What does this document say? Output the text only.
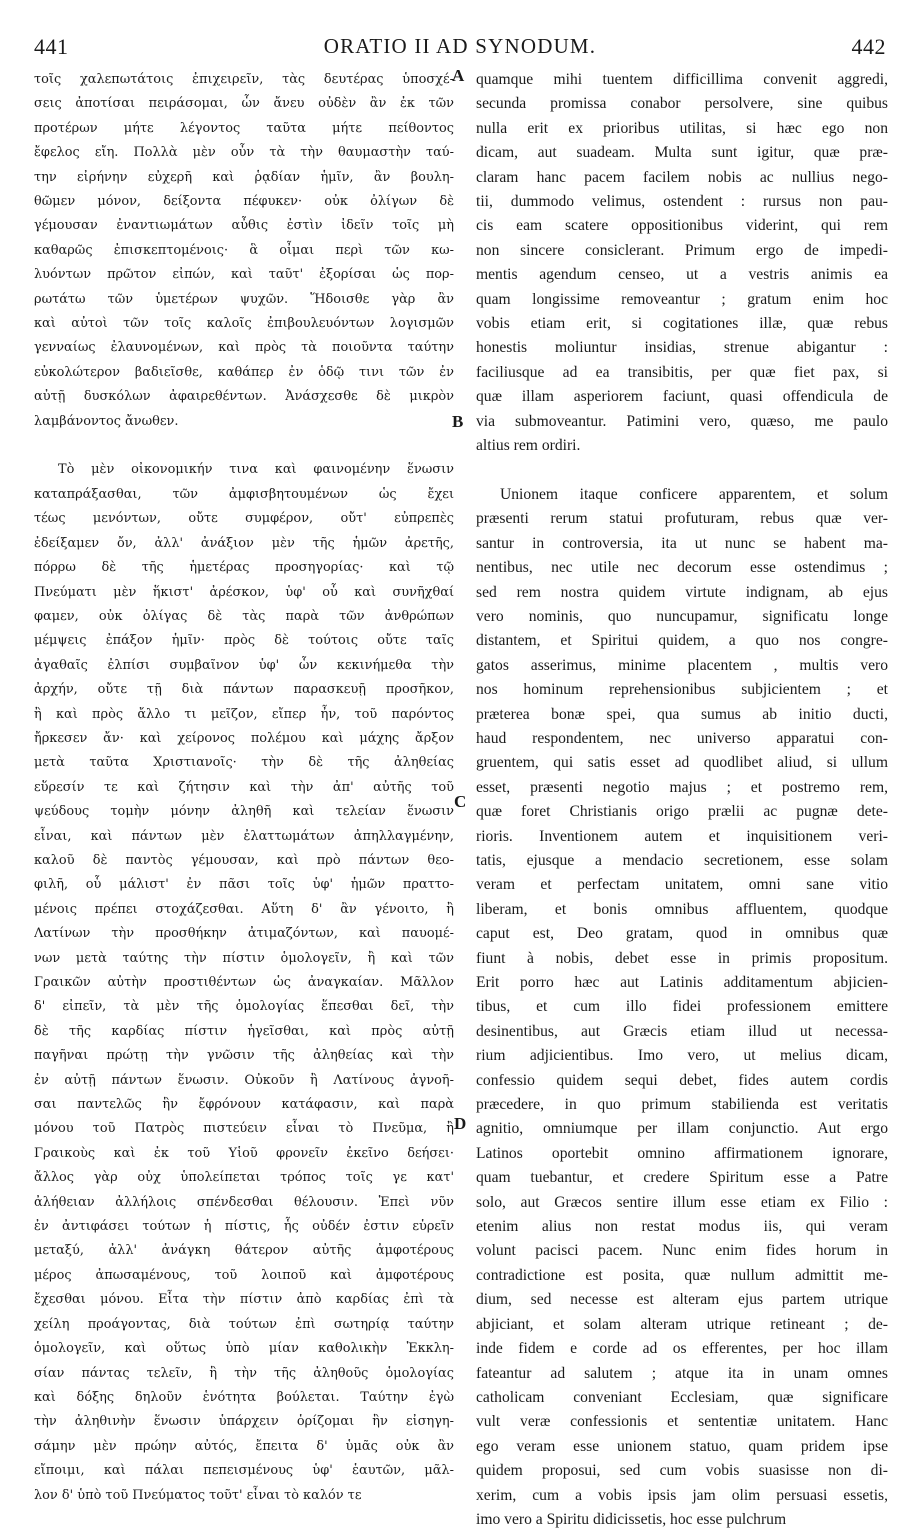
441	ORATIO II AD SYNODUM.	442
τοῖς χαλεπωτάτοις ἐπιχειρεῖν, τὰς δευτέρας ὑποσχέ-
σεις ἀποτίσαι πειράσομαι, ὧν ἄνευ οὐδὲν ἂν ἐκ τῶν
προτέρων μήτε λέγοντος ταῦτα μήτε πείθοντος
ἔφελος εἴη. Πολλὰ μὲν οὖν τὰ τὴν θαυμαστὴν ταύ-
την εἰρήνην εὐχερῆ καὶ ῥᾳδίαν ἡμῖν, ἂν βουλη-
θῶμεν μόνον, δείξοντα πέφυκεν· οὐκ ὀλίγων δὲ
γέμουσαν ἐναντιωμάτων αὖθις ἐστὶν ἰδεῖν τοῖς μὴ
καθαρῶς ἐπισκεπτομένοις· ἃ οἶμαι περὶ τῶν κω-
λυόντων πρῶτον εἰπών, καὶ ταῦτ' ἐξορίσαι ὡς πορ-
ρωτάτω τῶν ὑμετέρων ψυχῶν. Ἥδοισθε γὰρ ἂν
καὶ αὐτοὶ τῶν τοῖς καλοῖς ἐπιβουλευόντων λογισμῶν
γενναίως ἐλαυνομένων, καὶ πρὸς τὰ ποιοῦντα ταύτην
εὐκολώτερον βαδιεῖσθε, καθάπερ ἐν ὁδῷ τινι τῶν ἐν
αὐτῇ δυσκόλων ἀφαιρεθέντων. Ἀνάσχεσθε δὲ μικρὸν
λαμβάνοντος ἄνωθεν.
Τὸ μὲν οἰκονομικήν τινα καὶ φαινομένην ἕνωσιν
καταπράξασθαι, τῶν ἀμφισβητουμένων ὡς ἔχει
τέως μενόντων, οὔτε συμφέρον, οὔτ' εὐπρεπὲς
ἐδείξαμεν ὄν, ἀλλ' ἀνάξιον μὲν τῆς ἡμῶν ἀρετῆς,
πόρρω δὲ τῆς ἡμετέρας προσηγορίας· καὶ τῷ
Πνεύματι μὲν ἥκιστ' ἀρέσκον, ὑφ' οὗ καὶ συνῆχθαί
φαμεν, οὐκ ὀλίγας δὲ τὰς παρὰ τῶν ἀνθρώπων
μέμψεις ἐπάξον ἡμῖν· πρὸς δὲ τούτοις οὔτε ταῖς
ἀγαθαῖς ἐλπίσι συμβαῖνον ὑφ' ὧν κεκινήμεθα τὴν
ἀρχήν, οὔτε τῇ διὰ πάντων παρασκευῇ προσῆκον,
ἢ καὶ πρὸς ἄλλο τι μεῖζον, εἴπερ ἦν, τοῦ παρόντος
ἤρκεσεν ἄν· καὶ χείρονος πολέμου καὶ μάχης ἄρξον
μετὰ ταῦτα Χριστιανοῖς· τὴν δὲ τῆς ἀληθείας
εὕρεσίν τε καὶ ζήτησιν καὶ τὴν ἀπ' αὐτῆς τοῦ
ψεύδους τομὴν μόνην ἀληθῆ καὶ τελείαν ἕνωσιν
εἶναι, καὶ πάντων μὲν ἐλαττωμάτων ἀπηλλαγμένην,
καλοῦ δὲ παντὸς γέμουσαν, καὶ πρὸ πάντων θεο-
φιλῆ, οὗ μάλιστ' ἐν πᾶσι τοῖς ὑφ' ἡμῶν πραττο-
μένοις πρέπει στοχάζεσθαι. Αὕτη δ' ἂν γένοιτο, ἢ
Λατίνων τὴν προσθήκην ἀτιμαζόντων, καὶ παυομέ-
νων μετὰ ταύτης τὴν πίστιν ὁμολογεῖν, ἢ καὶ τῶν
Γραικῶν αὐτὴν προστιθέντων ὡς ἀναγκαίαν. Μᾶλλον
δ' εἰπεῖν, τὰ μὲν τῆς ὁμολογίας ἕπεσθαι δεῖ, τὴν
δὲ τῆς καρδίας πίστιν ἡγεῖσθαι, καὶ πρὸς αὐτῇ
παγῆναι πρώτῃ τὴν γνῶσιν τῆς ἀληθείας καὶ τὴν
ἐν αὐτῇ πάντων ἕνωσιν. Οὐκοῦν ἢ Λατίνους ἀγνοῆ-
σαι παντελῶς ἣν ἔφρόνουν κατάφασιν, καὶ παρὰ
μόνου τοῦ Πατρὸς πιστεύειν εἶναι τὸ Πνεῦμα, ἢ
Γραικοὺς καὶ ἐκ τοῦ Υἱοῦ φρονεῖν ἐκεῖνο δεήσει·
ἄλλος γὰρ οὐχ ὑπολείπεται τρόπος τοῖς γε κατ'
ἀλήθειαν ἀλλήλοις σπένδεσθαι θέλουσιν. Ἐπεὶ νῦν
ἐν ἀντιφάσει τούτων ἡ πίστις, ἧς οὐδέν ἐστιν εὑρεῖν
μεταξύ, ἀλλ' ἀνάγκη θάτερον αὐτῆς ἀμφοτέρους
μέρος ἀπωσαμένους, τοῦ λοιποῦ καὶ ἀμφοτέρους
ἔχεσθαι μόνου. Εἶτα τὴν πίστιν ἀπὸ καρδίας ἐπὶ τὰ
χείλη προάγοντας, διὰ τούτων ἐπὶ σωτηρίᾳ ταύτην
ὁμολογεῖν, καὶ οὕτως ὑπὸ μίαν καθολικὴν Ἐκκλη-
σίαν πάντας τελεῖν, ἣ τὴν τῆς ἀληθοῦς ὁμολογίας
καὶ δόξης δηλοῦν ἑνότητα βούλεται. Ταύτην ἐγὼ
τὴν ἀληθινὴν ἕνωσιν ὑπάρχειν ὁρίζομαι ἣν εἰσηγη-
σάμην μὲν πρώην αὐτός, ἔπειτα δ' ὑμᾶς οὐκ ἂν
εἴποιμι, καὶ πάλαι πεπεισμένους ὑφ' ἑαυτῶν, μᾶλ-
λον δ' ὑπὸ τοῦ Πνεύματος τοῦτ' εἶναι τὸ καλόν τε
quamque mihi tuentem difficillima convenit aggredi,
secunda promissa conabor persolvere, sine quibus
nulla erit ex prioribus utilitas, si hæc ego non
dicam, aut suadeam. Multa sunt igitur, quæ præ-
claram hanc pacem facilem nobis ac nullius nego-
tii, dummodo velimus, ostendent : rursus non pau-
cis eam scatere oppositionibus viderint, qui rem
non sincere consiclerant. Primum ergo de impedi-
mentis agendum censeo, ut a vestris animis ea
quam longissime removeantur ; gratum enim hoc
vobis etiam erit, si cogitationes illæ, quæ rebus
honestis moliuntur insidias, strenue abigantur :
faciliusque ad ea transibitis, per quæ fiet pax, si
quæ illam asperiorem faciunt, quasi offendicula de
via submoveantur. Patimini vero, quæso, me paulo
altius rem ordiri.
Unionem itaque conficere apparentem, et solum
præsenti rerum statui profuturam, rebus quæ ver-
santur in controversia, ita ut nunc se habent ma-
nentibus, nec utile nec decorum esse ostendimus ;
sed rem nostra quidem virtute indignam, ab ejus
vero nominis, quo nuncupamur, significatu longe
distantem, et Spiritui quidem, a quo nos congre-
gatos asserimus, minime placentem , multis vero
nos hominum reprehensionibus subjicientem ; et
præterea bonæ spei, qua sumus ab initio ducti,
haud respondentem, nec universo apparatui con-
gruentem, qui satis esset ad quodlibet aliud, si ullum
esset, præsenti negotio majus ; et postremo rem,
quæ foret Christianis origo prælii ac pugnæ dete-
rioris. Inventionem autem et inquisitionem veri-
tatis, ejusque a mendacio secretionem, esse solam
veram et perfectam unitatem, omni sane vitio
liberam, et bonis omnibus affluentem, quodque
caput est, Deo gratam, quod in omnibus quæ
fiunt à nobis, debet esse in primis propositum.
Erit porro hæc aut Latinis additamentum abjicien-
tibus, et cum illo fidei professionem emittere
desinentibus, aut Græcis etiam illud ut necessa-
rium adjicientibus. Imo vero, ut melius dicam,
confessio quidem sequi debet, fides autem cordis
præcedere, in quo primum stabilienda est veritatis
agnitio, omniumque per illam conjunctio. Aut ergo
Latinos oportebit omnino affirmationem ignorare,
quam tuebantur, et credere Spiritum esse a Patre
solo, aut Græcos sentire illum esse etiam ex Filio :
etenim alius non restat modus iis, qui veram
volunt pacisci pacem. Nunc enim fides horum in
contradictione est posita, quæ nullum admittit me-
dium, sed necesse est alteram ejus partem utrique
abjiciant, et solam alteram utrique retineant ; de-
inde fidem e corde ad os efferentes, per hoc illam
fateantur ad salutem ; atque ita in unam omnes
catholicam conveniant Ecclesiam, quæ significare
vult veræ confessionis et sententiæ unitatem. Hanc
ego veram esse unionem statuo, quam pridem ipse
quidem proposui, sed cum vobis suasisse non di-
xerim, cum a vobis ipsis jam olim persuasi essetis,
imo vero a Spiritu didicissetis, hoc esse pulchrum
A
B
C
D
